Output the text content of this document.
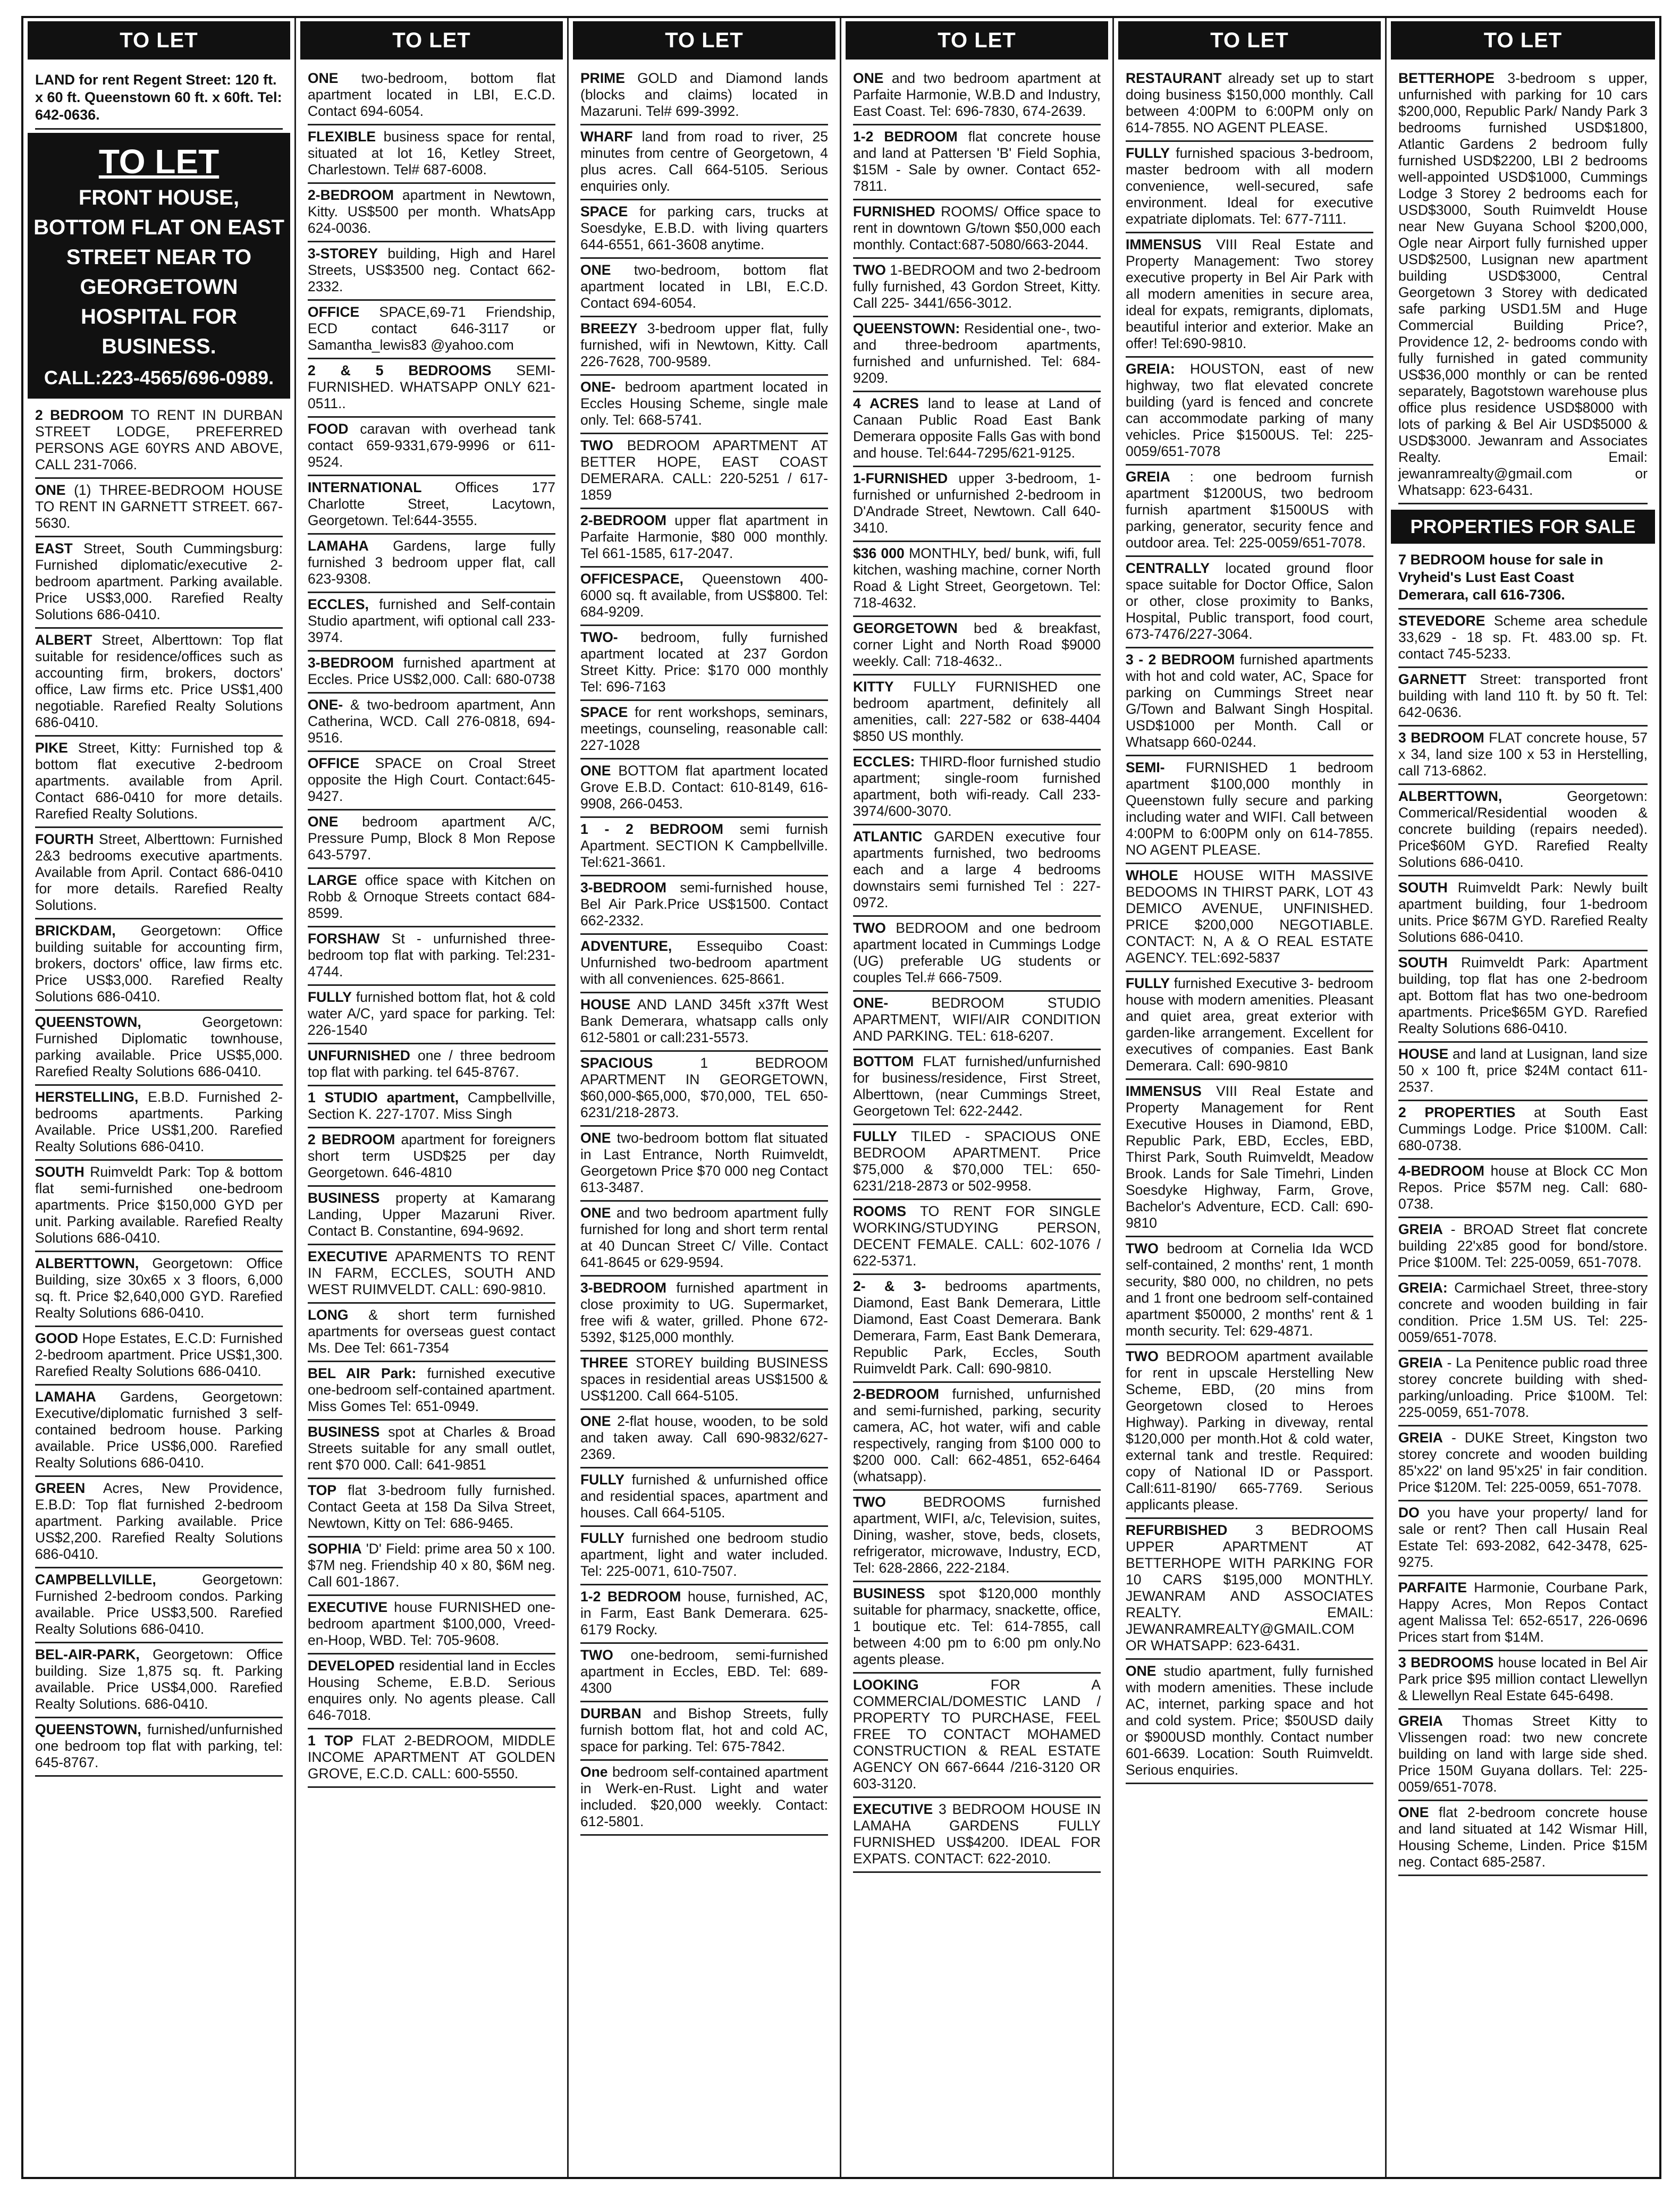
TO LET
LAND for rent Regent Street: 120 ft. x 60 ft. Queenstown 60 ft. x 60ft. Tel: 642-0636.
TO LET
FRONT HOUSE, BOTTOM FLAT ON EAST STREET NEAR TO GEORGETOWN HOSPITAL FOR BUSINESS.
CALL:223-4565/696-0989.
2 BEDROOM TO RENT IN DURBAN STREET LODGE, PREFERRED PERSONS AGE 60YRS AND ABOVE, CALL 231-7066.
ONE (1) THREE-BEDROOM HOUSE TO RENT IN GARNETT STREET. 667-5630.
EAST Street, South Cummingsburg: Furnished diplomatic/executive 2-bedroom apartment. Parking available. Price US$3,000. Rarefied Realty Solutions 686-0410.
ALBERT Street, Alberttown: Top flat suitable for residence/offices such as accounting firm, brokers, doctors' office, Law firms etc. Price US$1,400 negotiable. Rarefied Realty Solutions 686-0410.
PIKE Street, Kitty: Furnished top & bottom flat executive 2-bedroom apartments. available from April. Contact 686-0410 for more details. Rarefied Realty Solutions.
FOURTH Street, Alberttown: Furnished 2&3 bedrooms executive apartments. Available from April. Contact 686-0410 for more details. Rarefied Realty Solutions.
BRICKDAM, Georgetown: Office building suitable for accounting firm, brokers, doctors' office, law firms etc. Price US$3,000. Rarefied Realty Solutions 686-0410.
QUEENSTOWN,	Georgetown: Furnished Diplomatic townhouse, parking available. Price US$5,000. Rarefied Realty Solutions 686-0410.
HERSTELLING, E.B.D. Furnished 2-bedrooms apartments. Parking Available. Price US$1,200. Rarefied Realty Solutions 686-0410.
SOUTH Ruimveldt Park: Top & bottom flat semi-furnished one-bedroom apartments. Price $150,000 GYD per unit. Parking available. Rarefied Realty Solutions 686-0410.
ALBERTTOWN, Georgetown: Office Building, size 30x65 x 3 floors, 6,000 sq. ft. Price $2,640,000 GYD. Rarefied Realty Solutions 686-0410.
GOOD Hope Estates, E.C.D: Furnished 2-bedroom apartment. Price US$1,300. Rarefied Realty Solutions 686-0410.
LAMAHA Gardens, Georgetown: Executive/diplomatic furnished 3 self-contained bedroom house. Parking available. Price US$6,000. Rarefied Realty Solutions 686-0410.
GREEN Acres, New Providence, E.B.D: Top flat furnished 2-bedroom apartment. Parking available. Price US$2,200. Rarefied Realty Solutions 686-0410.
CAMPBELLVILLE,	Georgetown: Furnished 2-bedroom condos. Parking available. Price US$3,500. Rarefied Realty Solutions 686-0410.
BEL-AIR-PARK, Georgetown: Office building. Size 1,875 sq. ft. Parking available. Price US$4,000. Rarefied Realty Solutions. 686-0410.
QUEENSTOWN, furnished/unfurnished one bedroom top flat with parking, tel: 645-8767.
TO LET
ONE two-bedroom, bottom flat apartment located in LBI, E.C.D. Contact 694-6054.
FLEXIBLE business space for rental, situated at lot 16, Ketley Street, Charlestown. Tel# 687-6008.
2-BEDROOM apartment in Newtown, Kitty. US$500 per month. WhatsApp 624-0036.
3-STOREY building, High and Harel Streets, US$3500 neg. Contact 662-2332.
OFFICE SPACE,69-71 Friendship, ECD contact 646-3117 or Samantha_lewis83 @yahoo.com
2 & 5 BEDROOMS SEMI-FURNISHED. WHATSAPP ONLY 621-0511..
FOOD caravan with overhead tank contact 659-9331,679-9996 or 611-9524.
INTERNATIONAL Offices 177 Charlotte Street, Lacytown, Georgetown. Tel:644-3555.
LAMAHA Gardens, large fully furnished 3 bedroom upper flat, call 623-9308.
ECCLES, furnished and Self-contain Studio apartment, wifi optional call 233-3974.
3-BEDROOM furnished apartment at Eccles. Price US$2,000. Call: 680-0738
ONE- & two-bedroom apartment, Ann Catherina, WCD. Call 276-0818, 694-9516.
OFFICE SPACE on Croal Street opposite the High Court. Contact:645-9427.
ONE bedroom apartment A/C, Pressure Pump, Block 8 Mon Repose 643-5797.
LARGE office space with Kitchen on Robb & Ornoque Streets contact 684-8599.
FORSHAW St - unfurnished three-bedroom top flat with parking. Tel:231-4744.
FULLY furnished bottom flat, hot & cold water A/C, yard space for parking. Tel: 226-1540
UNFURNISHED one / three bedroom top flat with parking. tel 645-8767.
1 STUDIO apartment, Campbellville, Section K. 227-1707. Miss Singh
2 BEDROOM apartment for foreigners short term USD$25 per day Georgetown. 646-4810
BUSINESS property at Kamarang Landing, Upper Mazaruni River. Contact B. Constantine, 694-9692.
EXECUTIVE APARMENTS TO RENT IN FARM, ECCLES, SOUTH AND WEST RUIMVELDT. CALL: 690-9810.
LONG & short term furnished apartments for overseas guest contact Ms. Dee Tel: 661-7354
BEL AIR Park: furnished executive one-bedroom self-contained apartment. Miss Gomes Tel: 651-0949.
BUSINESS spot at Charles & Broad Streets suitable for any small outlet, rent $70 000. Call: 641-9851
TOP flat 3-bedroom fully furnished. Contact Geeta at 158 Da Silva Street, Newtown, Kitty on Tel: 686-9465.
SOPHIA 'D' Field: prime area 50 x 100. $7M neg. Friendship 40 x 80, $6M neg. Call 601-1867.
EXECUTIVE house FURNISHED one-bedroom apartment $100,000, Vreed-en-Hoop, WBD. Tel: 705-9608.
DEVELOPED residential land in Eccles Housing Scheme, E.B.D. Serious enquires only. No agents please. Call 646-7018.
1 TOP FLAT 2-BEDROOM, MIDDLE INCOME APARTMENT AT GOLDEN GROVE, E.C.D. CALL: 600-5550.
TO LET
PRIME GOLD and Diamond lands (blocks and claims) located in Mazaruni. Tel# 699-3992.
WHARF land from road to river, 25 minutes from centre of Georgetown, 4 plus acres. Call 664-5105. Serious enquiries only.
SPACE for parking cars, trucks at Soesdyke, E.B.D. with living quarters 644-6551, 661-3608 anytime.
ONE two-bedroom, bottom flat apartment located in LBI, E.C.D. Contact 694-6054.
BREEZY 3-bedroom upper flat, fully furnished, wifi in Newtown, Kitty. Call 226-7628, 700-9589.
ONE- bedroom apartment located in Eccles Housing Scheme, single male only. Tel: 668-5741.
TWO BEDROOM APARTMENT AT BETTER HOPE, EAST COAST DEMERARA. CALL: 220-5251 / 617-1859
2-BEDROOM upper flat apartment in Parfaite Harmonie, $80 000 monthly. Tel 661-1585, 617-2047.
OFFICESPACE, Queenstown 400-6000 sq. ft available, from US$800. Tel: 684-9209.
TWO- bedroom, fully furnished apartment located at 237 Gordon Street Kitty. Price: $170 000 monthly Tel: 696-7163
SPACE for rent workshops, seminars, meetings, counseling, reasonable call: 227-1028
ONE BOTTOM flat apartment located Grove E.B.D. Contact: 610-8149, 616-9908, 266-0453.
1 - 2 BEDROOM semi furnish Apartment. SECTION K Campbellville. Tel:621-3661.
3-BEDROOM semi-furnished house, Bel Air Park.Price US$1500. Contact 662-2332.
ADVENTURE, Essequibo Coast: Unfurnished two-bedroom apartment with all conveniences. 625-8661.
HOUSE AND LAND 345ft x37ft West Bank Demerara, whatsapp calls only 612-5801 or call:231-5573.
SPACIOUS	1 BEDROOM APARTMENT IN GEORGETOWN, $60,000-$65,000, $70,000, TEL 650-6231/218-2873.
ONE two-bedroom bottom flat situated in Last Entrance, North Ruimveldt, Georgetown Price $70 000 neg Contact 613-3487.
ONE and two bedroom apartment fully furnished for long and short term rental at 40 Duncan Street C/ Ville. Contact 641-8645 or 629-9594.
3-BEDROOM furnished apartment in close proximity to UG. Supermarket, free wifi & water, grilled. Phone 672-5392, $125,000 monthly.
THREE STOREY building BUSINESS spaces in residential areas US$1500 & US$1200. Call 664-5105.
ONE 2-flat house, wooden, to be sold and taken away. Call 690-9832/627-2369.
FULLY furnished & unfurnished office and residential spaces, apartment and houses. Call 664-5105.
FULLY furnished one bedroom studio apartment, light and water included. Tel: 225-0071, 610-7507.
1-2 BEDROOM house, furnished, AC, in Farm, East Bank Demerara. 625-6179 Rocky.
TWO one-bedroom, semi-furnished apartment in Eccles, EBD. Tel: 689-4300
DURBAN and Bishop Streets, fully furnish bottom flat, hot and cold AC, space for parking. Tel: 675-7842.
One bedroom self-contained apartment in Werk-en-Rust. Light and water included. $20,000 weekly. Contact: 612-5801.
TO LET
ONE and two bedroom apartment at Parfaite Harmonie, W.B.D and Industry, East Coast. Tel: 696-7830, 674-2639.
1-2 BEDROOM flat concrete house and land at Pattersen 'B' Field Sophia, $15M - Sale by owner. Contact 652-7811.
FURNISHED ROOMS/ Office space to rent in downtown G/town $50,000 each monthly. Contact:687-5080/663-2044.
TWO 1-BEDROOM and two 2-bedroom fully furnished, 43 Gordon Street, Kitty. Call 225- 3441/656-3012.
QUEENSTOWN: Residential one-, two- and three-bedroom apartments, furnished and unfurnished. Tel: 684-9209.
4 ACRES land to lease at Land of Canaan Public Road East Bank Demerara opposite Falls Gas with bond and house. Tel:644-7295/621-9125.
1-FURNISHED upper 3-bedroom, 1-furnished or unfurnished 2-bedroom in D'Andrade Street, Newtown. Call 640-3410.
$36 000 MONTHLY, bed/ bunk, wifi, full kitchen, washing machine, corner North Road & Light Street, Georgetown. Tel: 718-4632.
GEORGETOWN bed & breakfast, corner Light and North Road $9000 weekly. Call: 718-4632..
KITTY FULLY FURNISHED one bedroom apartment, definitely all amenities, call: 227-582 or 638-4404 $850 US monthly.
ECCLES: THIRD-floor furnished studio apartment; single-room furnished apartment, both wifi-ready. Call 233-3974/600-3070.
ATLANTIC GARDEN executive four apartments furnished, two bedrooms each and a large 4 bedrooms downstairs semi furnished Tel : 227-0972.
TWO BEDROOM and one bedroom apartment located in Cummings Lodge (UG) preferable UG students or couples Tel.# 666-7509.
ONE-	BEDROOM STUDIO APARTMENT, WIFI/AIR CONDITION AND PARKING. TEL: 618-6207.
BOTTOM FLAT furnished/unfurnished for business/residence, First Street, Alberttown, (near Cummings Street, Georgetown Tel: 622-2442.
FULLY TILED - SPACIOUS ONE BEDROOM APARTMENT. Price $75,000 & $70,000 TEL: 650-6231/218-2873 or 502-9958.
ROOMS TO RENT FOR SINGLE WORKING/STUDYING PERSON, DECENT FEMALE. CALL: 602-1076 / 622-5371.
2- & 3- bedrooms apartments, Diamond, East Bank Demerara, Little Diamond, East Coast Demerara. Bank Demerara, Farm, East Bank Demerara, Republic Park, Eccles, South Ruimveldt Park. Call: 690-9810.
2-BEDROOM furnished, unfurnished and semi-furnished, parking, security camera, AC, hot water, wifi and cable respectively, ranging from $100 000 to $200 000. Call: 662-4851, 652-6464 (whatsapp).
TWO	BEDROOMS furnished apartment, WIFI, a/c, Television, suites, Dining, washer, stove, beds, closets, refrigerator, microwave, Industry, ECD, Tel: 628-2866, 222-2184.
BUSINESS spot $120,000 monthly suitable for pharmacy, snackette, office, 1 boutique etc. Tel: 614-7855, call between 4:00 pm to 6:00 pm only.No agents please.
LOOKING	FOR A COMMERCIAL/DOMESTIC LAND / PROPERTY TO PURCHASE, FEEL FREE TO CONTACT MOHAMED CONSTRUCTION & REAL ESTATE AGENCY ON 667-6644 /216-3120 OR 603-3120.
EXECUTIVE 3 BEDROOM HOUSE IN LAMAHA GARDENS FULLY FURNISHED US$4200. IDEAL FOR EXPATS. CONTACT: 622-2010.
TO LET
RESTAURANT already set up to start doing business $150,000 monthly. Call between 4:00PM to 6:00PM only on 614-7855. NO AGENT PLEASE.
FULLY furnished spacious 3-bedroom, master bedroom with all modern convenience, well-secured, safe environment. Ideal for executive expatriate diplomats. Tel: 677-7111.
IMMENSUS VIII Real Estate and Property Management: Two storey executive property in Bel Air Park with all modern amenities in secure area, ideal for expats, remigrants, diplomats, beautiful interior and exterior. Make an offer! Tel:690-9810.
GREIA: HOUSTON, east of new highway, two flat elevated concrete building (yard is fenced and concrete can accommodate parking of many vehicles. Price $1500US. Tel: 225-0059/651-7078
GREIA : one bedroom furnish apartment $1200US, two bedroom furnish apartment $1500US with parking, generator, security fence and outdoor area. Tel: 225-0059/651-7078.
CENTRALLY located ground floor space suitable for Doctor Office, Salon or other, close proximity to Banks, Hospital, Public transport, food court, 673-7476/227-3064.
3 - 2 BEDROOM furnished apartments with hot and cold water, AC, Space for parking on Cummings Street near G/Town and Balwant Singh Hospital. USD$1000 per Month. Call or Whatsapp 660-0244.
SEMI- FURNISHED 1 bedroom apartment $100,000 monthly in Queenstown fully secure and parking including water and WIFI. Call between 4:00PM to 6:00PM only on 614-7855. NO AGENT PLEASE.
WHOLE HOUSE WITH MASSIVE BEDOOMS IN THIRST PARK, LOT 43 DEMICO AVENUE, UNFINISHED. PRICE $200,000 NEGOTIABLE. CONTACT: N, A & O REAL ESTATE AGENCY. TEL:692-5837
FULLY furnished Executive 3- bedroom house with modern amenities. Pleasant and quiet area, great exterior with garden-like arrangement. Excellent for executives of companies. East Bank Demerara. Call: 690-9810
IMMENSUS VIII Real Estate and Property Management for Rent Executive Houses in Diamond, EBD, Republic Park, EBD, Eccles, EBD, Thirst Park, South Ruimveldt, Meadow Brook. Lands for Sale Timehri, Linden Soesdyke Highway, Farm, Grove, Bachelor's Adventure, ECD. Call: 690-9810
TWO bedroom at Cornelia Ida WCD self-contained, 2 months' rent, 1 month security, $80 000, no children, no pets and 1 front one bedroom self-contained apartment $50000, 2 months' rent & 1 month security. Tel: 629-4871.
TWO BEDROOM apartment available for rent in upscale Herstelling New Scheme, EBD, (20 mins from Georgetown closed to Heroes Highway). Parking in diveway, rental $120,000 per month.Hot & cold water, external tank and trestle. Required: copy of National ID or Passport. Call:611-8190/ 665-7769. Serious applicants please.
REFURBISHED 3 BEDROOMS UPPER APARTMENT AT BETTERHOPE WITH PARKING FOR 10 CARS $195,000 MONTHLY. JEWANRAM AND ASSOCIATES REALTY. EMAIL: JEWANRAMREALTY@GMAIL.COM OR WHATSAPP: 623-6431.
ONE studio apartment, fully furnished with modern amenities. These include AC, internet, parking space and hot and cold system. Price; $50USD daily or $900USD monthly. Contact number 601-6639. Location: South Ruimveldt. Serious enquiries.
TO LET
BETTERHOPE 3-bedroom s upper, unfurnished with parking for 10 cars $200,000, Republic Park/ Nandy Park 3 bedrooms furnished USD$1800, Atlantic Gardens 2 bedroom fully furnished USD$2200, LBI 2 bedrooms well-appointed USD$1000, Cummings Lodge 3 Storey 2 bedrooms each for USD$3000, South Ruimveldt House near New Guyana School $200,000, Ogle near Airport fully furnished upper USD$2500, Lusignan new apartment building USD$3000, Central Georgetown 3 Storey with dedicated safe parking USD1.5M and Huge Commercial Building Price?, Providence 12, 2- bedrooms condo with fully furnished in gated community US$36,000 monthly or can be rented separately, Bagotstown warehouse plus office plus residence USD$8000 with lots of parking & Bel Air USD$5000 & USD$3000. Jewanram and Associates Realty. Email: jewanramrealty@gmail.com or Whatsapp: 623-6431.
PROPERTIES FOR SALE
7 BEDROOM house for sale in Vryheid's Lust East Coast Demerara, call 616-7306.
STEVEDORE Scheme area schedule 33,629 - 18 sp. Ft. 483.00 sp. Ft. contact 745-5233.
GARNETT Street: transported front building with land 110 ft. by 50 ft. Tel: 642-0636.
3 BEDROOM FLAT concrete house, 57 x 34, land size 100 x 53 in Herstelling, call 713-6862.
ALBERTTOWN,	Georgetown: Commerical/Residential wooden & concrete building (repairs needed). Price$60M GYD. Rarefied Realty Solutions 686-0410.
SOUTH Ruimveldt Park: Newly built apartment building, four 1-bedroom units. Price $67M GYD. Rarefied Realty Solutions 686-0410.
SOUTH Ruimveldt Park: Apartment building, top flat has one 2-bedroom apt. Bottom flat has two one-bedroom apartments. Price$65M GYD. Rarefied Realty Solutions 686-0410.
HOUSE and land at Lusignan, land size 50 x 100 ft, price $24M contact 611-2537.
2 PROPERTIES at South East Cummings Lodge. Price $100M. Call: 680-0738.
4-BEDROOM house at Block CC Mon Repos. Price $57M neg. Call: 680-0738.
GREIA - BROAD Street flat concrete building 22'x85 good for bond/store. Price $100M. Tel: 225-0059, 651-7078.
GREIA: Carmichael Street, three-story concrete and wooden building in fair condition. Price 1.5M US. Tel: 225-0059/651-7078.
GREIA - La Penitence public road three storey concrete building with shed-parking/unloading. Price $100M. Tel: 225-0059, 651-7078.
GREIA - DUKE Street, Kingston two storey concrete and wooden building 85'x22' on land 95'x25' in fair condition. Price $120M. Tel: 225-0059, 651-7078.
DO you have your property/ land for sale or rent? Then call Husain Real Estate Tel: 693-2082, 642-3478, 625-9275.
PARFAITE Harmonie, Courbane Park, Happy Acres, Mon Repos Contact agent Malissa Tel: 652-6517, 226-0696 Prices start from $14M.
3 BEDROOMS house located in Bel Air Park price $95 million contact Llewellyn & Llewellyn Real Estate 645-6498.
GREIA Thomas Street Kitty to Vlissengen road: two new concrete building on land with large side shed. Price 150M Guyana dollars. Tel: 225-0059/651-7078.
ONE flat 2-bedroom concrete house and land situated at 142 Wismar Hill, Housing Scheme, Linden. Price $15M neg. Contact 685-2587.
